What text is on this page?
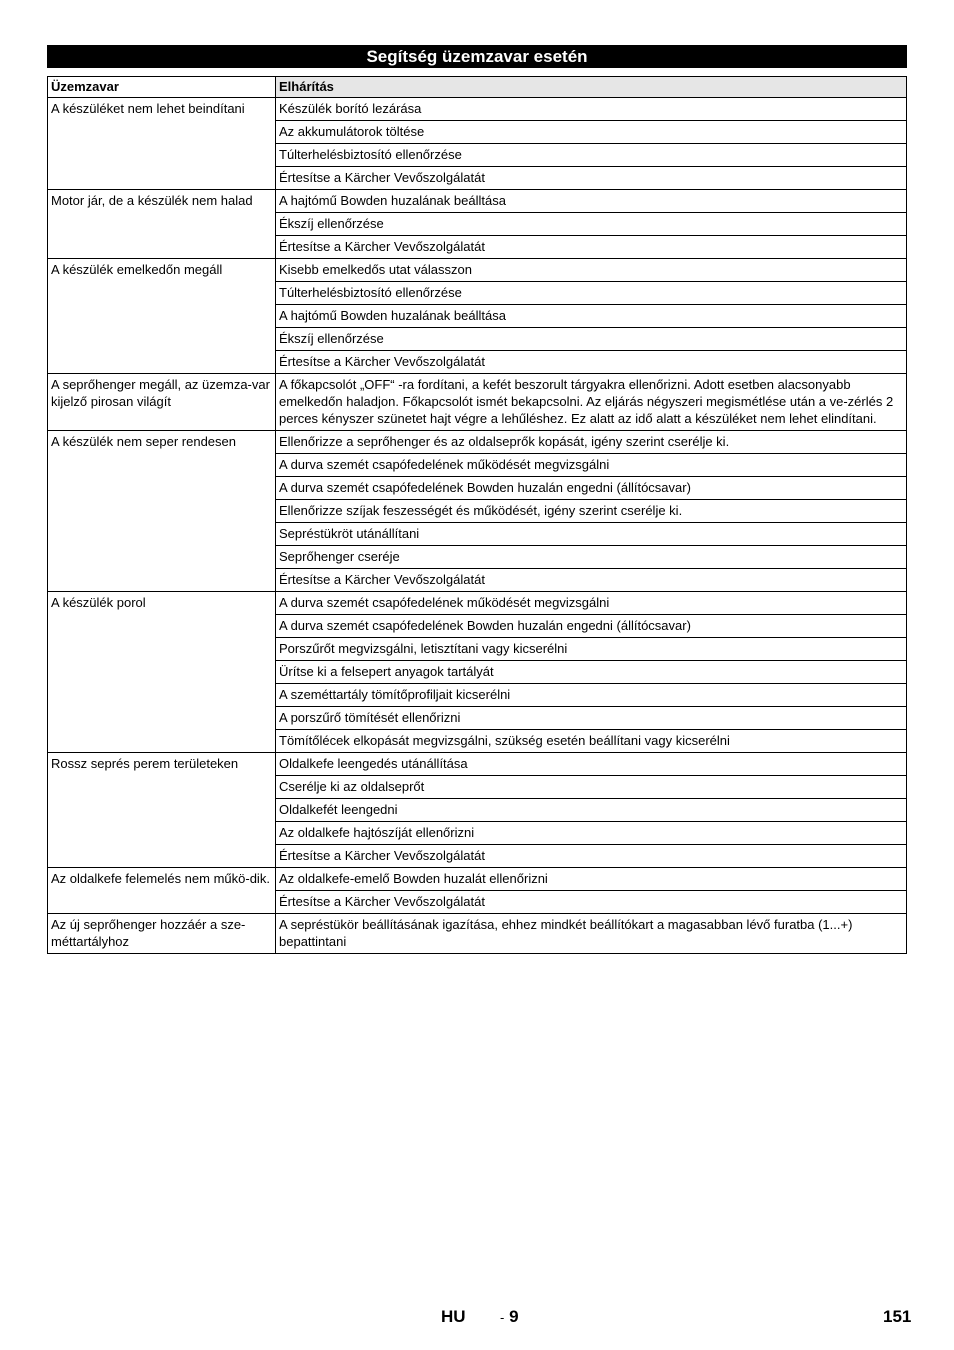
Segítség üzemzavar esetén
Üzemzavar	Elhárítás
A készüléket nem lehet beindítani	Készülék borító lezárása
	Az akkumulátorok töltése
	Túlterhelésbiztosító ellenőrzése
	Értesítse a Kärcher Vevőszolgálatát
Motor jár, de a készülék nem halad	A hajtómű Bowden huzalának beálltása
	Ékszíj ellenőrzése
	Értesítse a Kärcher Vevőszolgálatát
A készülék emelkedőn megáll	Kisebb emelkedős utat válasszon
	Túlterhelésbiztosító ellenőrzése
	A hajtómű Bowden huzalának beálltása
	Ékszíj ellenőrzése
	Értesítse a Kärcher Vevőszolgálatát
A seprőhenger megáll, az üzemza-var kijelző pirosan világít	A főkapcsolót „OFF“ -ra fordítani, a kefét beszorult tárgyakra ellenőrizni. Adott esetben alacsonyabb emelkedőn haladjon. Főkapcsolót ismét bekapcsolni. Az eljárás négyszeri megismétlése után a ve-zérlés 2 perces kényszer szünetet hajt végre a lehűléshez. Ez alatt az idő alatt a készüléket nem lehet elindítani.
A készülék nem seper rendesen	Ellenőrizze a seprőhenger és az oldalseprők kopását, igény szerint cserélje ki.
	A durva szemét csapófedelének működését megvizsgálni
	A durva szemét csapófedelének Bowden huzalán engedni (állítócsavar)
	Ellenőrizze szíjak feszességét és működését, igény szerint cserélje ki.
	Sepréstükröt utánállítani
	Seprőhenger cseréje
	Értesítse a Kärcher Vevőszolgálatát
A készülék porol	A durva szemét csapófedelének működését megvizsgálni
	A durva szemét csapófedelének Bowden huzalán engedni (állítócsavar)
	Porszűrőt megvizsgálni, letisztítani vagy kicserélni
	Ürítse ki a felsepert anyagok tartályát
	A szeméttartály tömítőprofiljait kicserélni
	A porszűrő tömítését ellenőrizni
	Tömítőlécek elkopását megvizsgálni, szükség esetén beállítani vagy kicserélni
Rossz seprés perem területeken	Oldalkefe leengedés utánállítása
	Cserélje ki az oldalseprőt
	Oldalkefét leengedni
	Az oldalkefe hajtószíját ellenőrizni
	Értesítse a Kärcher Vevőszolgálatát
Az oldalkefe felemelés nem műkö-dik.	Az oldalkefe-emelő Bowden huzalát ellenőrizni
	Értesítse a Kärcher Vevőszolgálatát
Az új seprőhenger hozzáér a sze-méttartályhoz	A sepréstükör beállításának igazítása, ehhez mindkét beállítókart a magasabban lévő furatba (1...+) bepattintani
HU	- 9	151
